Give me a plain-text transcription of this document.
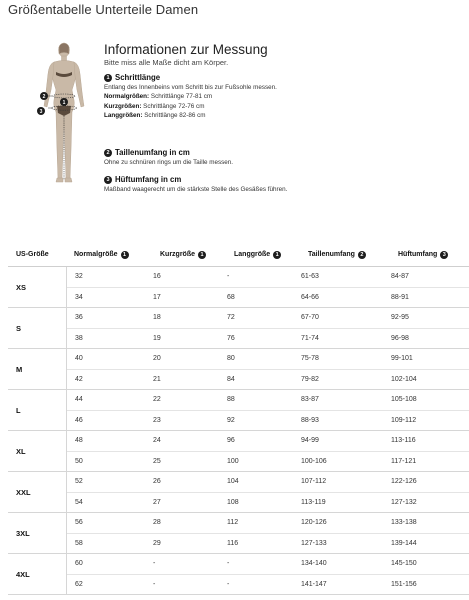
Größentabelle Unterteile Damen
2
1
3
Informationen zur Messung
Bitte miss alle Maße dicht am Körper.
1 Schrittlänge
Entlang des Innenbeins vom Schritt bis zur Fußsohle messen.
Normalgrößen: Schrittlänge 77-81 cm
Kurzgrößen: Schrittlänge 72-76 cm
Langgrößen: Schrittlänge 82-86 cm
2 Taillenumfang in cm
Ohne zu schnüren rings um die Taille messen.
3 Hüftumfang in cm
Maßband waagerecht um die stärkste Stelle des Gesäßes führen.
US-Größe	Normalgröße 1	Kurzgröße 1	Langgröße 1	Taillenumfang 2	Hüftumfang 3
XS
32	16	-	61-63	84-87
34	17	68	64-66	88-91
S
36	18	72	67-70	92-95
38	19	76	71-74	96-98
M
40	20	80	75-78	99-101
42	21	84	79-82	102-104
L
44	22	88	83-87	105-108
46	23	92	88-93	109-112
XL
48	24	96	94-99	113-116
50	25	100	100-106	117-121
XXL
52	26	104	107-112	122-126
54	27	108	113-119	127-132
3XL
56	28	112	120-126	133-138
58	29	116	127-133	139-144
4XL
60	-	-	134-140	145-150
62	-	-	141-147	151-156
